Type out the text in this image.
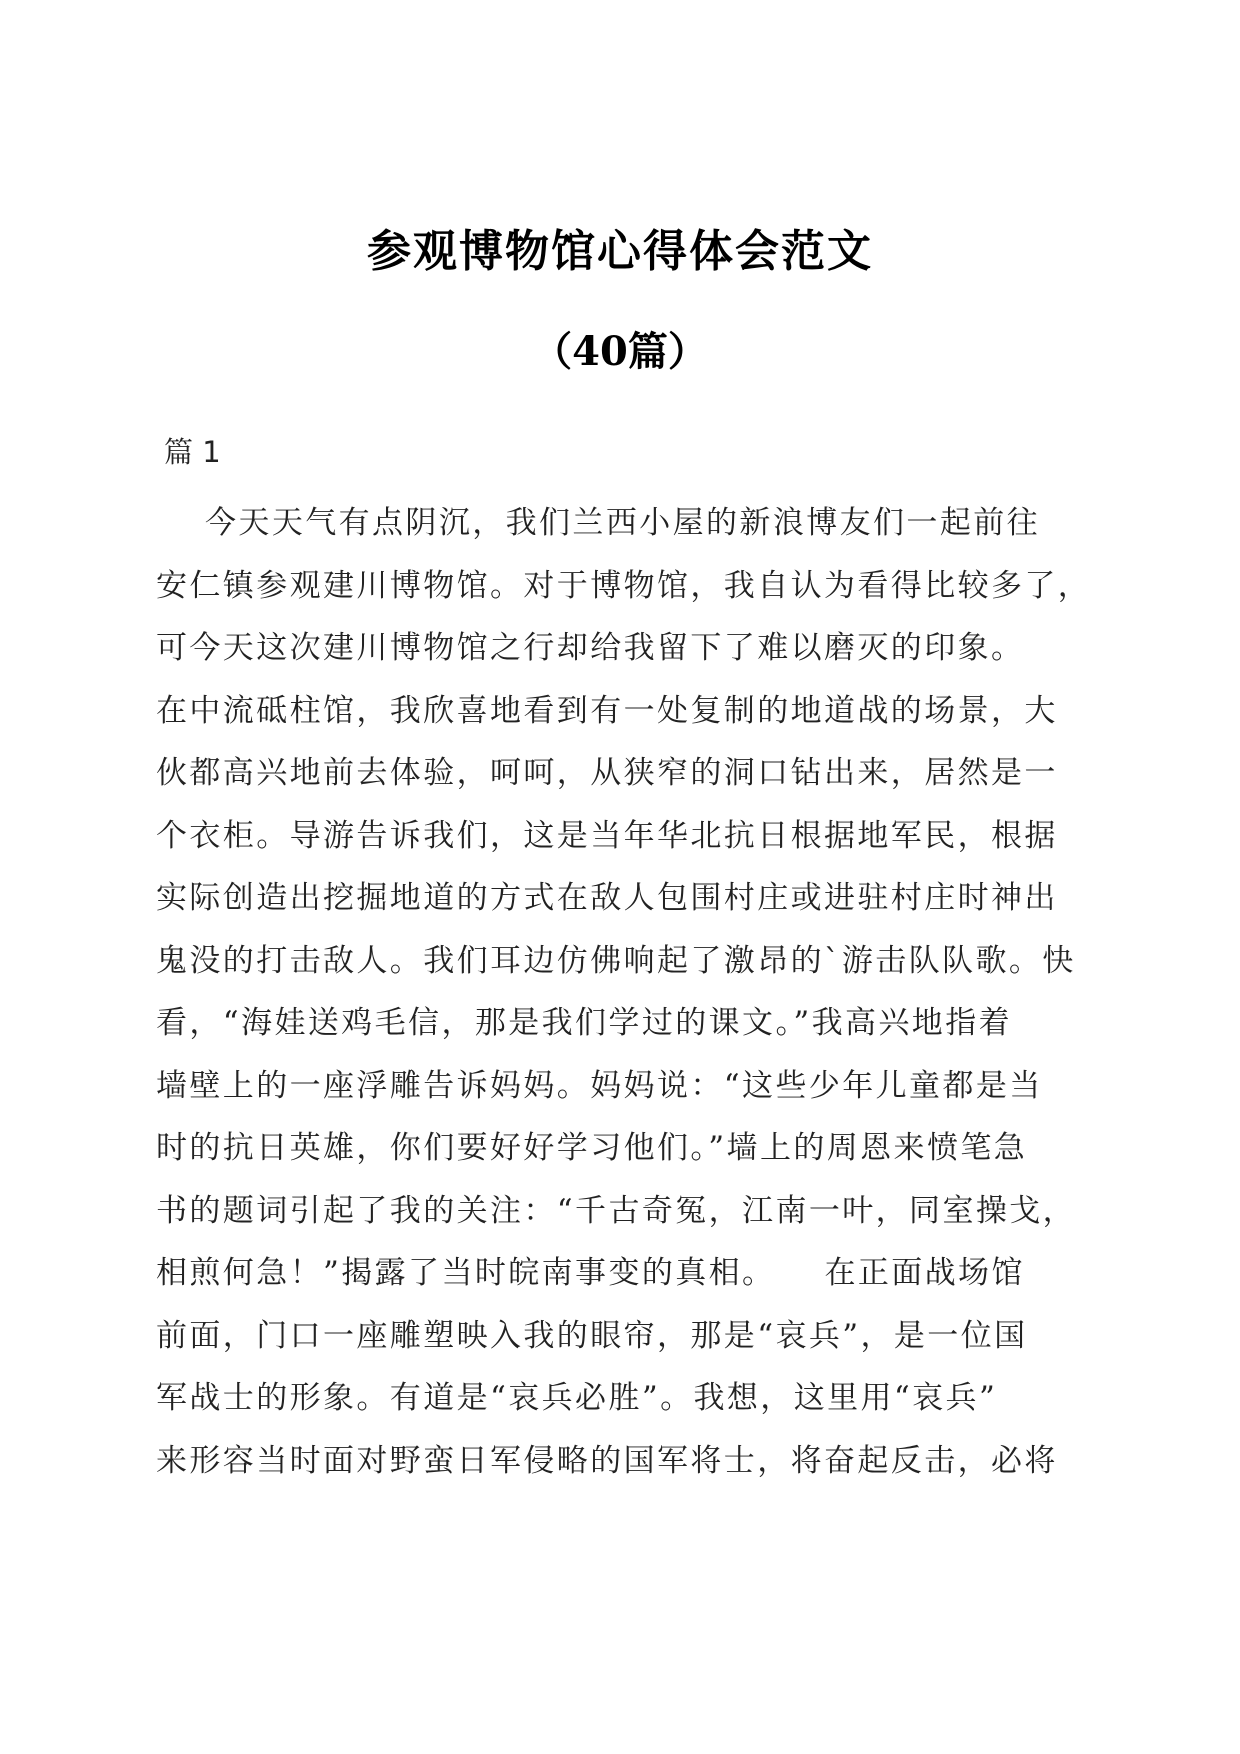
参观博物馆心得体会范文
（40篇）

篇 1

今天天气有点阴沉，我们兰西小屋的新浪博友们一起前往
安仁镇参观建川博物馆。对于博物馆，我自认为看得比较多了，
可今天这次建川博物馆之行却给我留下了难以磨灭的印象。
在中流砥柱馆，我欣喜地看到有一处复制的地道战的场景，大
伙都高兴地前去体验，呵呵，从狭窄的洞口钻出来，居然是一
个衣柜。导游告诉我们，这是当年华北抗日根据地军民，根据
实际创造出挖掘地道的方式在敌人包围村庄或进驻村庄时神出
鬼没的打击敌人。我们耳边仿佛响起了激昂的`游击队队歌。快
看，“海娃送鸡毛信，那是我们学过的课文。”我高兴地指着
墙壁上的一座浮雕告诉妈妈。妈妈说：“这些少年儿童都是当
时的抗日英雄，你们要好好学习他们。”墙上的周恩来愤笔急
书的题词引起了我的关注：“千古奇冤，江南一叶，同室操戈，
相煎何急！”揭露了当时皖南事变的真相。    在正面战场馆
前面，门口一座雕塑映入我的眼帘，那是“哀兵”，是一位国
军战士的形象。有道是“哀兵必胜”。我想，这里用“哀兵”
来形容当时面对野蛮日军侵略的国军将士，将奋起反击，必将
